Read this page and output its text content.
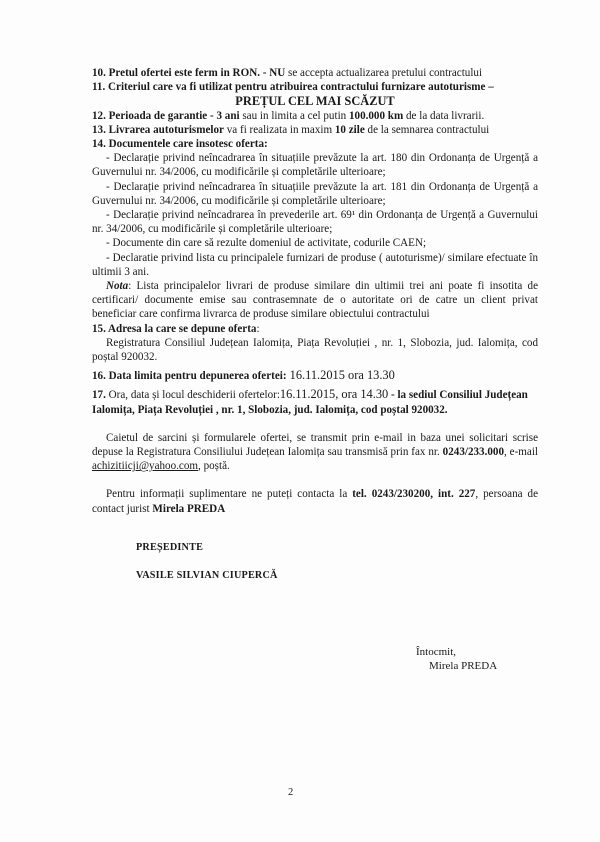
10. Pretul ofertei este ferm in RON. - NU se accepta actualizarea pretului contractului

11. Criteriul care va fi utilizat pentru atribuirea contractului furnizare autoturisme –

PREȚUL CEL MAI SCĂZUT

12. Perioada de garantie - 3 ani sau in limita a cel putin 100.000 km de la data livrarii.

13. Livrarea autoturismelor va fi realizata in maxim 10 zile de la semnarea contractului

14. Documentele care insotesc oferta:

- Declarație privind neîncadrarea în situațiile prevăzute la art. 180 din Ordonanța de Urgență a Guvernului nr. 34/2006, cu modificările și completările ulterioare;

- Declarație privind neîncadrarea în situațiile prevăzute la art. 181 din Ordonanța de Urgență a Guvernului nr. 34/2006, cu modificările și completările ulterioare;

- Declarație privind neîncadrarea în prevederile art. 69¹ din Ordonanța de Urgență a Guvernului nr. 34/2006, cu modificările și completările ulterioare;

- Documente din care să rezulte domeniul de activitate, codurile CAEN;

- Declaratie privind lista cu principalele furnizari de produse ( autoturisme)/ similare efectuate în ultimii 3 ani.

Nota: Lista principalelor livrari de produse similare din ultimii trei ani poate fi insotita de certificari/ documente emise sau contrasemnate de o autoritate ori de catre un client privat beneficiar care confirma livrarca de produse similare obiectului contractului

15. Adresa la care se depune oferta:

Registratura Consiliul Județean Ialomița, Piața Revoluției , nr. 1, Slobozia, jud. Ialomița, cod poștal 920032.

16. Data limita pentru depunerea ofertei: 16.11.2015 ora 13.30

17. Ora, data și locul deschiderii ofertelor:16.11.2015, ora 14.30 - la sediul Consiliul Județean Ialomița, Piața Revoluției , nr. 1, Slobozia, jud. Ialomița, cod poștal 920032.

Caietul de sarcini și formularele ofertei, se transmit prin e-mail in baza unei solicitari scrise depuse la Registratura Consiliului Județean Ialomița sau transmisă prin fax nr. 0243/233.000, e-mail achizitiicji@yahoo.com, poștă.

Pentru informații suplimentare ne puteți contacta la tel. 0243/230200, int. 227, persoana de contact jurist Mirela PREDA

PREȘEDINTE

VASILE SILVIAN CIUPERCĂ

Întocmit,

Mirela PREDA

2
